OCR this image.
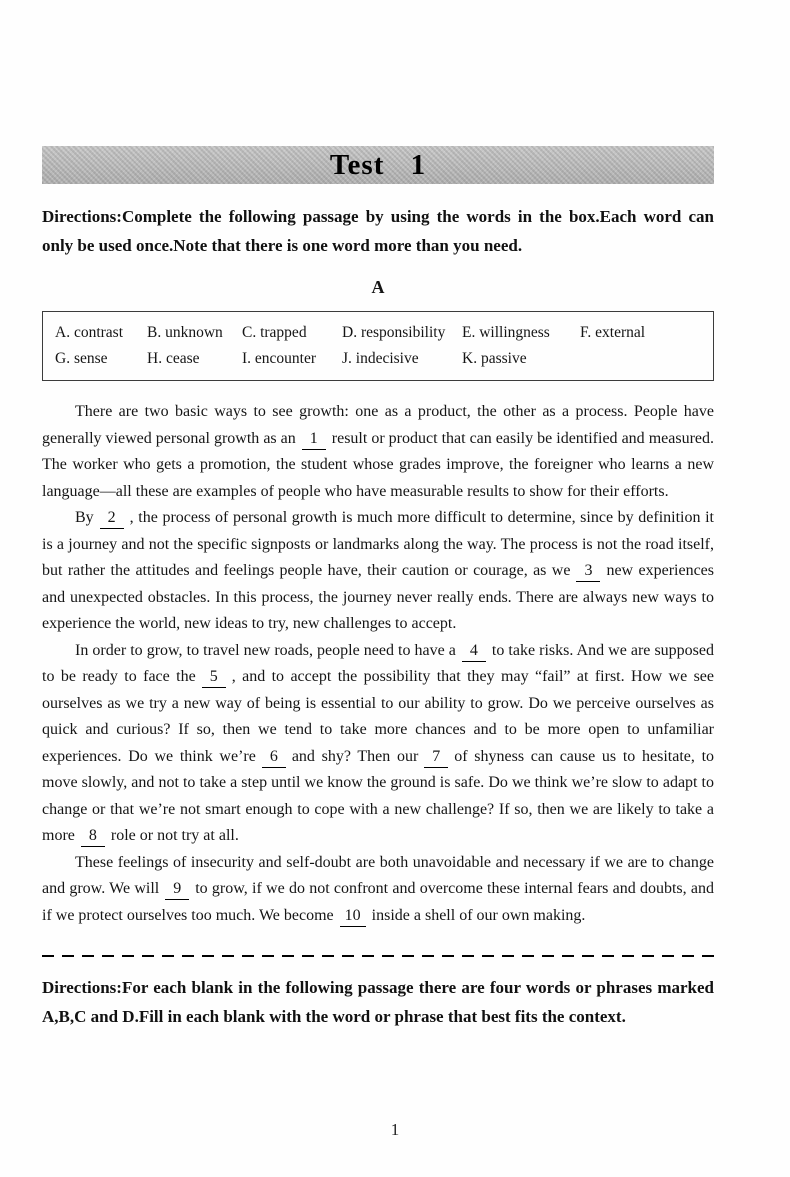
Test 1

Directions:Complete the following passage by using the words in the box.Each word can only be used once.Note that there is one word more than you need.

A
A. contrast	B. unknown	C. trapped	D. responsibility	E. willingness	F. external
G. sense	H. cease	I. encounter	J. indecisive	K. passive

There are two basic ways to see growth: one as a product, the other as a process. People have generally viewed personal growth as an 1 result or product that can easily be identified and measured. The worker who gets a promotion, the student whose grades improve, the foreigner who learns a new language—all these are examples of people who have measurable results to show for their efforts.

By 2 , the process of personal growth is much more difficult to determine, since by definition it is a journey and not the specific signposts or landmarks along the way. The process is not the road itself, but rather the attitudes and feelings people have, their caution or courage, as we 3 new experiences and unexpected obstacles. In this process, the journey never really ends. There are always new ways to experience the world, new ideas to try, new challenges to accept.

In order to grow, to travel new roads, people need to have a 4 to take risks. And we are supposed to be ready to face the 5 , and to accept the possibility that they may “fail” at first. How we see ourselves as we try a new way of being is essential to our ability to grow. Do we perceive ourselves as quick and curious? If so, then we tend to take more chances and to be more open to unfamiliar experiences. Do we think we’re 6 and shy? Then our 7 of shyness can cause us to hesitate, to move slowly, and not to take a step until we know the ground is safe. Do we think we’re slow to adapt to change or that we’re not smart enough to cope with a new challenge? If so, then we are likely to take a more 8 role or not try at all.

These feelings of insecurity and self-doubt are both unavoidable and necessary if we are to change and grow. We will 9 to grow, if we do not confront and overcome these internal fears and doubts, and if we protect ourselves too much. We become 10 inside a shell of our own making.

Directions:For each blank in the following passage there are four words or phrases marked A,B,C and D.Fill in each blank with the word or phrase that best fits the context.

1
